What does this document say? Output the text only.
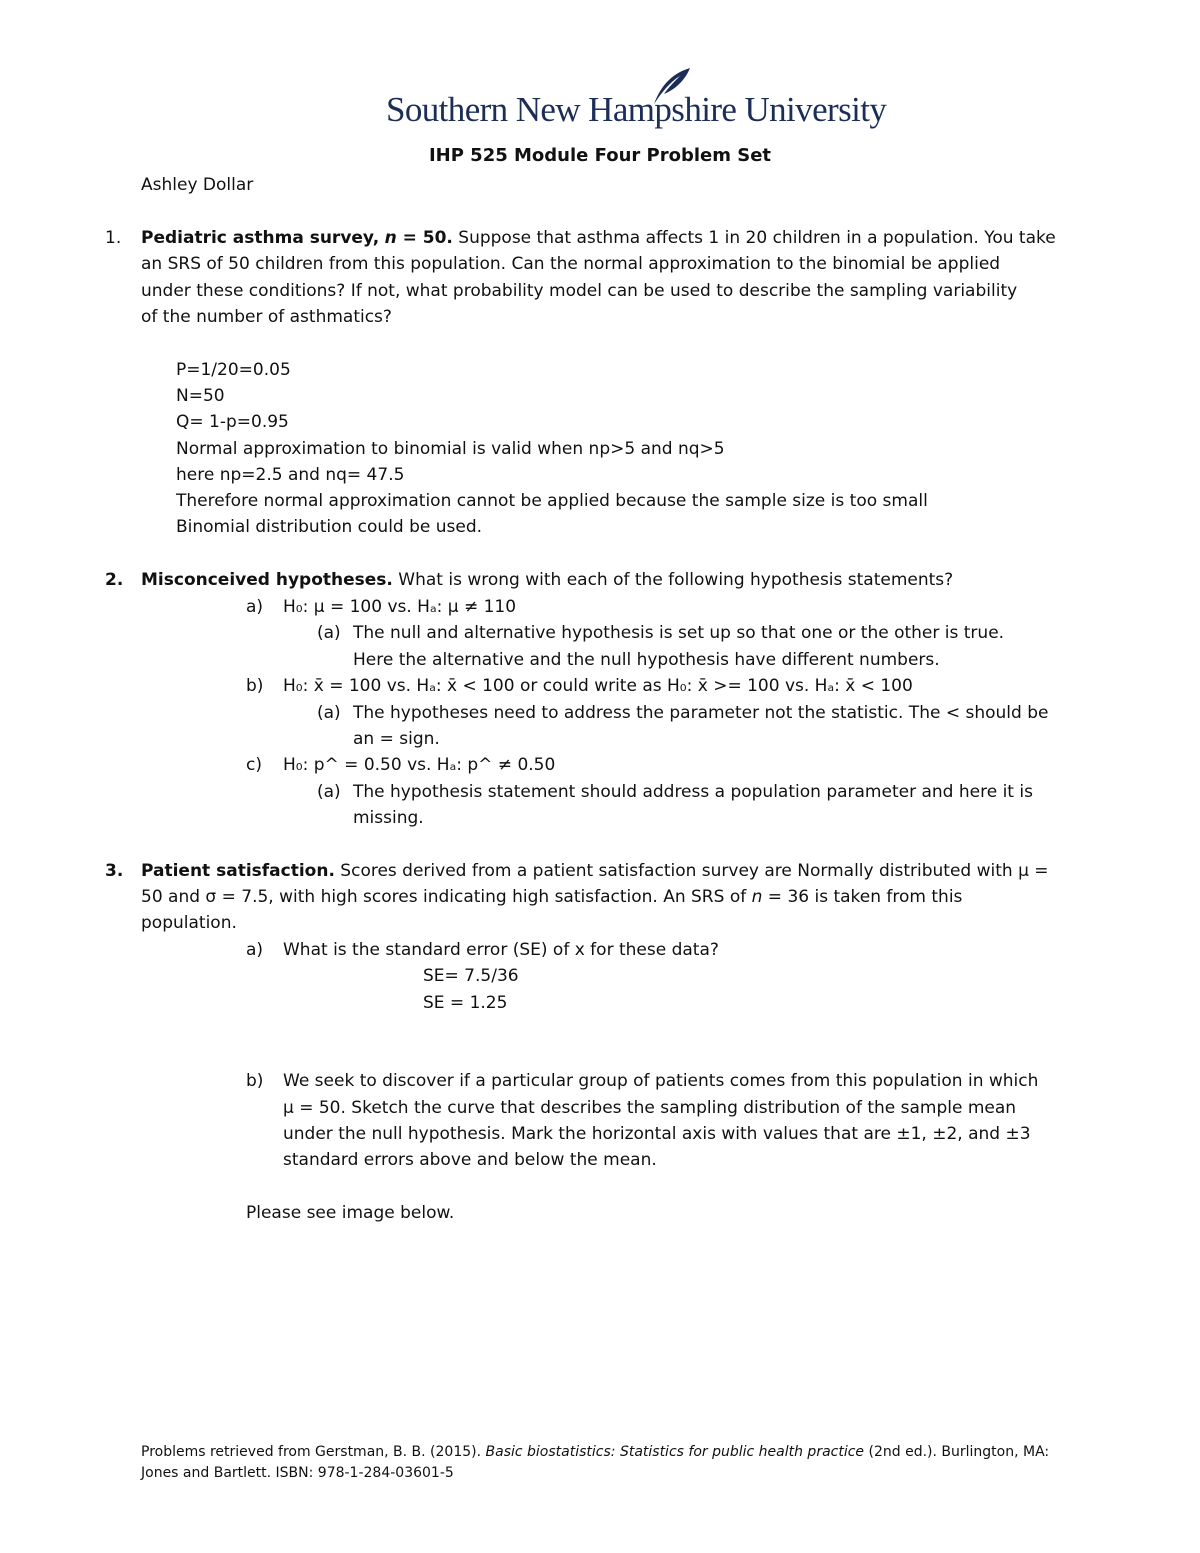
Southern New Hampshire University
IHP 525 Module Four Problem Set
Ashley Dollar
1. Pediatric asthma survey, n = 50. Suppose that asthma affects 1 in 20 children in a population. You take
an SRS of 50 children from this population. Can the normal approximation to the binomial be applied
under these conditions? If not, what probability model can be used to describe the sampling variability
of the number of asthmatics?
P=1/20=0.05
N=50
Q= 1-p=0.95
Normal approximation to binomial is valid when np>5 and nq>5
here np=2.5 and nq= 47.5
Therefore normal approximation cannot be applied because the sample size is too small
Binomial distribution could be used.
2. Misconceived hypotheses. What is wrong with each of the following hypothesis statements?
a) H₀: μ = 100 vs. Hₐ: μ ≠ 110
(a) The null and alternative hypothesis is set up so that one or the other is true.
Here the alternative and the null hypothesis have different numbers.
b) H₀: x̄ = 100 vs. Hₐ: x̄ < 100 or could write as H₀: x̄ >= 100 vs. Hₐ: x̄ < 100
(a) The hypotheses need to address the parameter not the statistic. The < should be
an = sign.
c) H₀: p^ = 0.50 vs. Hₐ: p^ ≠ 0.50
(a) The hypothesis statement should address a population parameter and here it is
missing.
3. Patient satisfaction. Scores derived from a patient satisfaction survey are Normally distributed with μ =
50 and σ = 7.5, with high scores indicating high satisfaction. An SRS of n = 36 is taken from this
population.
a) What is the standard error (SE) of x for these data?
SE= 7.5/36
SE = 1.25
b) We seek to discover if a particular group of patients comes from this population in which
μ = 50. Sketch the curve that describes the sampling distribution of the sample mean
under the null hypothesis. Mark the horizontal axis with values that are ±1, ±2, and ±3
standard errors above and below the mean.
Please see image below.
Problems retrieved from Gerstman, B. B. (2015). Basic biostatistics: Statistics for public health practice (2nd ed.). Burlington, MA:
Jones and Bartlett. ISBN: 978-1-284-03601-5
